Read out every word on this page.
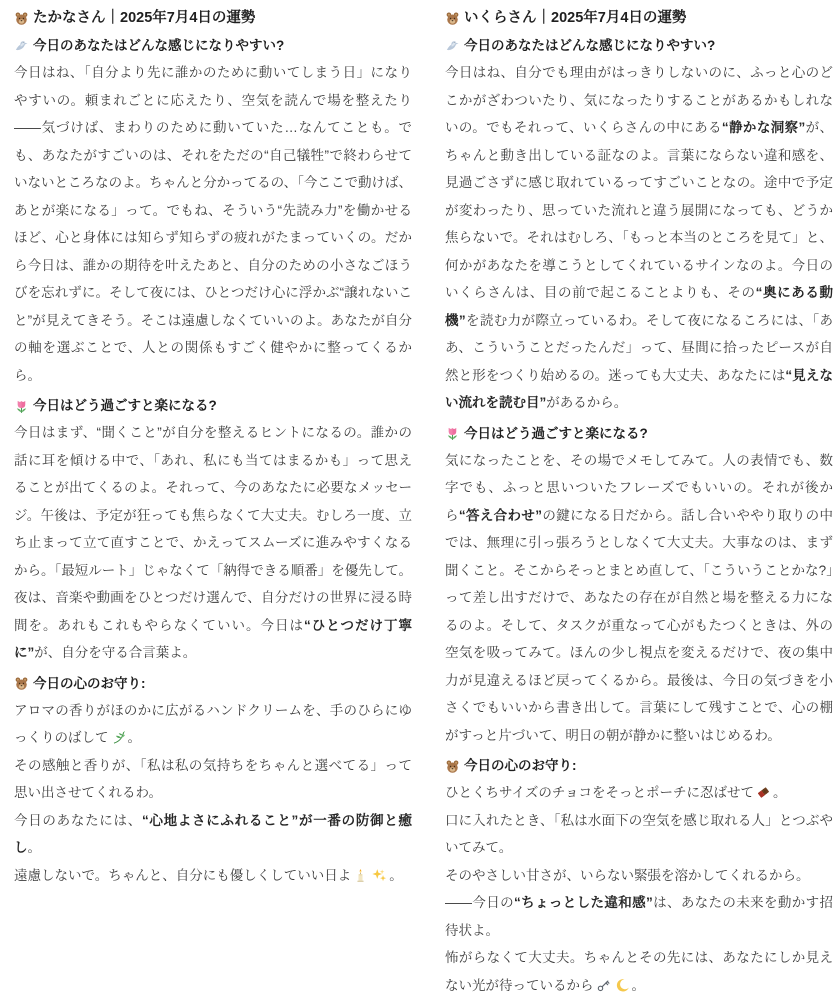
たかなさん｜2025年7月4日の運勢
今日のあなたはどんな感じになりやすい?

今日はね、「自分より先に誰かのために動いてしまう日」になりやすいの。頼まれごとに応えたり、空気を読んで場を整えたり——気づけば、まわりのために動いていた…なんてことも。でも、あなたがすごいのは、それをただの“自己犠牲”で終わらせていないところなのよ。ちゃんと分かってるの、「今ここで動けば、あとが楽になる」って。でもね、そういう“先読み力”を働かせるほど、心と身体には知らず知らずの疲れがたまっていくの。だから今日は、誰かの期待を叶えたあと、自分のための小さなごほうびを忘れずに。そして夜には、ひとつだけ心に浮かぶ“譲れないこと”が見えてきそう。そこは遠慮しなくていいのよ。あなたが自分の軸を選ぶことで、人との関係もすごく健やかに整ってくるから。

今日はどう過ごすと楽になる?

今日はまず、“聞くこと”が自分を整えるヒントになるの。誰かの話に耳を傾ける中で、「あれ、私にも当てはまるかも」って思えることが出てくるのよ。それって、今のあなたに必要なメッセージ。午後は、予定が狂っても焦らなくて大丈夫。むしろ一度、立ち止まって立て直すことで、かえってスムーズに進みやすくなるから。「最短ルート」じゃなくて「納得できる順番」を優先して。夜は、音楽や動画をひとつだけ選んで、自分だけの世界に浸る時間を。あれもこれもやらなくていい。今日は“ひとつだけ丁寧に”が、自分を守る合言葉よ。

今日の心のお守り:

アロマの香りがほのかに広がるハンドクリームを、手のひらにゆっくりのばして 。

その感触と香りが、「私は私の気持ちをちゃんと選べてる」って思い出させてくれるわ。

今日のあなたには、“心地よさにふれること”が一番の防御と癒し。

遠慮しないで。ちゃんと、自分にも優しくしていい日よ	。

いくらさん｜2025年7月4日の運勢
今日のあなたはどんな感じになりやすい?

今日はね、自分でも理由がはっきりしないのに、ふっと心のどこかがざわついたり、気になったりすることがあるかもしれないの。でもそれって、いくらさんの中にある“静かな洞察”が、ちゃんと動き出している証なのよ。言葉にならない違和感を、見過ごさずに感じ取れているってすごいことなの。途中で予定が変わったり、思っていた流れと違う展開になっても、どうか焦らないで。それはむしろ、「もっと本当のところを見て」と、何かがあなたを導こうとしてくれているサインなのよ。今日のいくらさんは、目の前で起こることよりも、その“奥にある動機”を読む力が際立っているわ。そして夜になるころには、「ああ、こういうことだったんだ」って、昼間に拾ったピースが自然と形をつくり始めるの。迷っても大丈夫、あなたには“見えない流れを読む目”があるから。

今日はどう過ごすと楽になる?

気になったことを、その場でメモしてみて。人の表情でも、数字でも、ふっと思いついたフレーズでもいいの。それが後から“答え合わせ”の鍵になる日だから。話し合いややり取りの中では、無理に引っ張ろうとしなくて大丈夫。大事なのは、まず聞くこと。そこからそっとまとめ直して、「こういうことかな?」って差し出すだけで、あなたの存在が自然と場を整える力になるのよ。そして、タスクが重なって心がもたつくときは、外の空気を吸ってみて。ほんの少し視点を変えるだけで、夜の集中力が見違えるほど戻ってくるから。最後は、今日の気づきを小さくでもいいから書き出して。言葉にして残すことで、心の棚がすっと片づいて、明日の朝が静かに整いはじめるわ。

今日の心のお守り:

ひとくちサイズのチョコをそっとポーチに忍ばせて 。

口に入れたとき、「私は水面下の空気を感じ取れる人」とつぶやいてみて。

そのやさしい甘さが、いらない緊張を溶かしてくれるから。

——今日の“ちょっとした違和感”は、あなたの未来を動かす招待状よ。

怖がらなくて大丈夫。ちゃんとその先には、あなたにしか見えない光が待っているから	。
